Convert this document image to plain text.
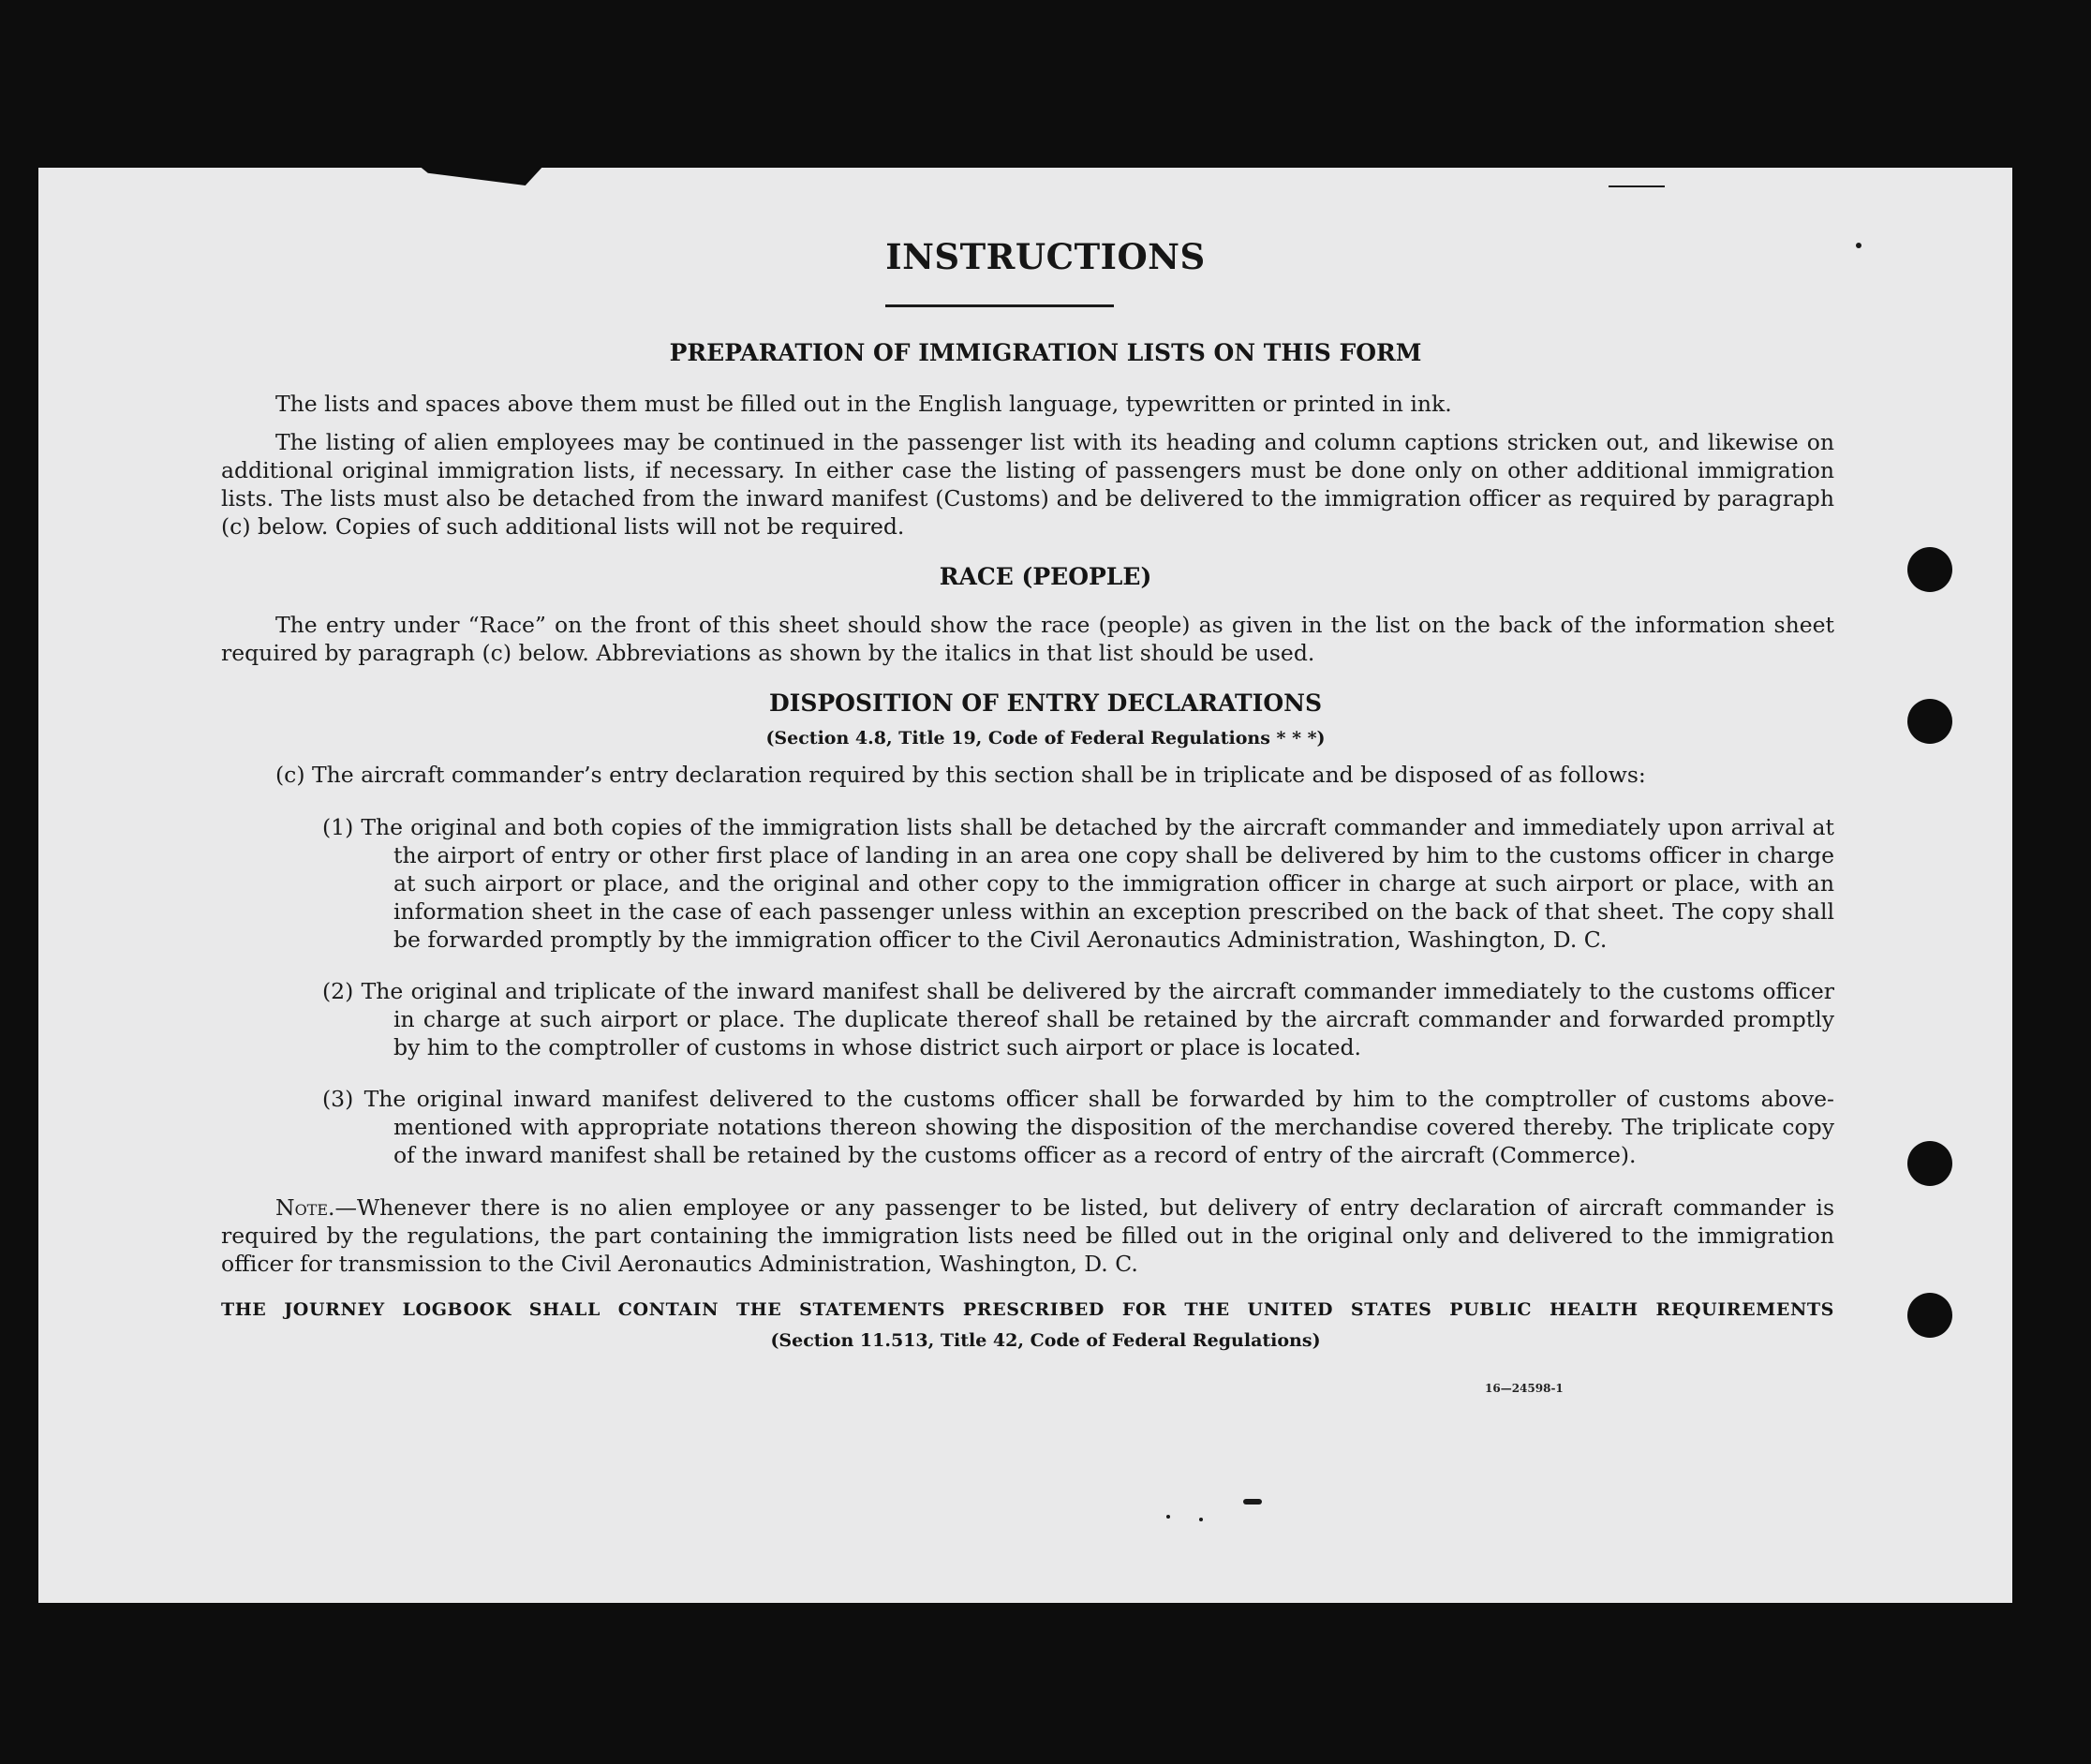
INSTRUCTIONS
PREPARATION OF IMMIGRATION LISTS ON THIS FORM
The lists and spaces above them must be filled out in the English language, typewritten or printed in ink.
The listing of alien employees may be continued in the passenger list with its heading and column captions stricken out, and likewise on additional original immigration lists, if necessary. In either case the listing of passengers must be done only on other additional immigration lists. The lists must also be detached from the inward manifest (Customs) and be delivered to the immigration officer as required by paragraph (c) below. Copies of such additional lists will not be required.
RACE (PEOPLE)
The entry under “Race” on the front of this sheet should show the race (people) as given in the list on the back of the information sheet required by paragraph (c) below. Abbreviations as shown by the italics in that list should be used.
DISPOSITION OF ENTRY DECLARATIONS
(Section 4.8, Title 19, Code of Federal Regulations * * *)
(c) The aircraft commander’s entry declaration required by this section shall be in triplicate and be disposed of as follows:
(1) The original and both copies of the immigration lists shall be detached by the aircraft commander and immediately upon arrival at the airport of entry or other first place of landing in an area one copy shall be delivered by him to the customs officer in charge at such airport or place, and the original and other copy to the immigration officer in charge at such airport or place, with an information sheet in the case of each passenger unless within an exception prescribed on the back of that sheet. The copy shall be forwarded promptly by the immigration officer to the Civil Aeronautics Administration, Washington, D. C.
(2) The original and triplicate of the inward manifest shall be delivered by the aircraft commander immediately to the customs officer in charge at such airport or place. The duplicate thereof shall be retained by the aircraft commander and forwarded promptly by him to the comptroller of customs in whose district such airport or place is located.
(3) The original inward manifest delivered to the customs officer shall be forwarded by him to the comptroller of customs above-mentioned with appropriate notations thereon showing the disposition of the merchandise covered thereby. The triplicate copy of the inward manifest shall be retained by the customs officer as a record of entry of the aircraft (Commerce).
Note.—Whenever there is no alien employee or any passenger to be listed, but delivery of entry declaration of aircraft commander is required by the regulations, the part containing the immigration lists need be filled out in the original only and delivered to the immigration officer for transmission to the Civil Aeronautics Administration, Washington, D. C.
THE JOURNEY LOGBOOK SHALL CONTAIN THE STATEMENTS PRESCRIBED FOR THE UNITED STATES PUBLIC HEALTH REQUIREMENTS
(Section 11.513, Title 42, Code of Federal Regulations)
16—24598-1
